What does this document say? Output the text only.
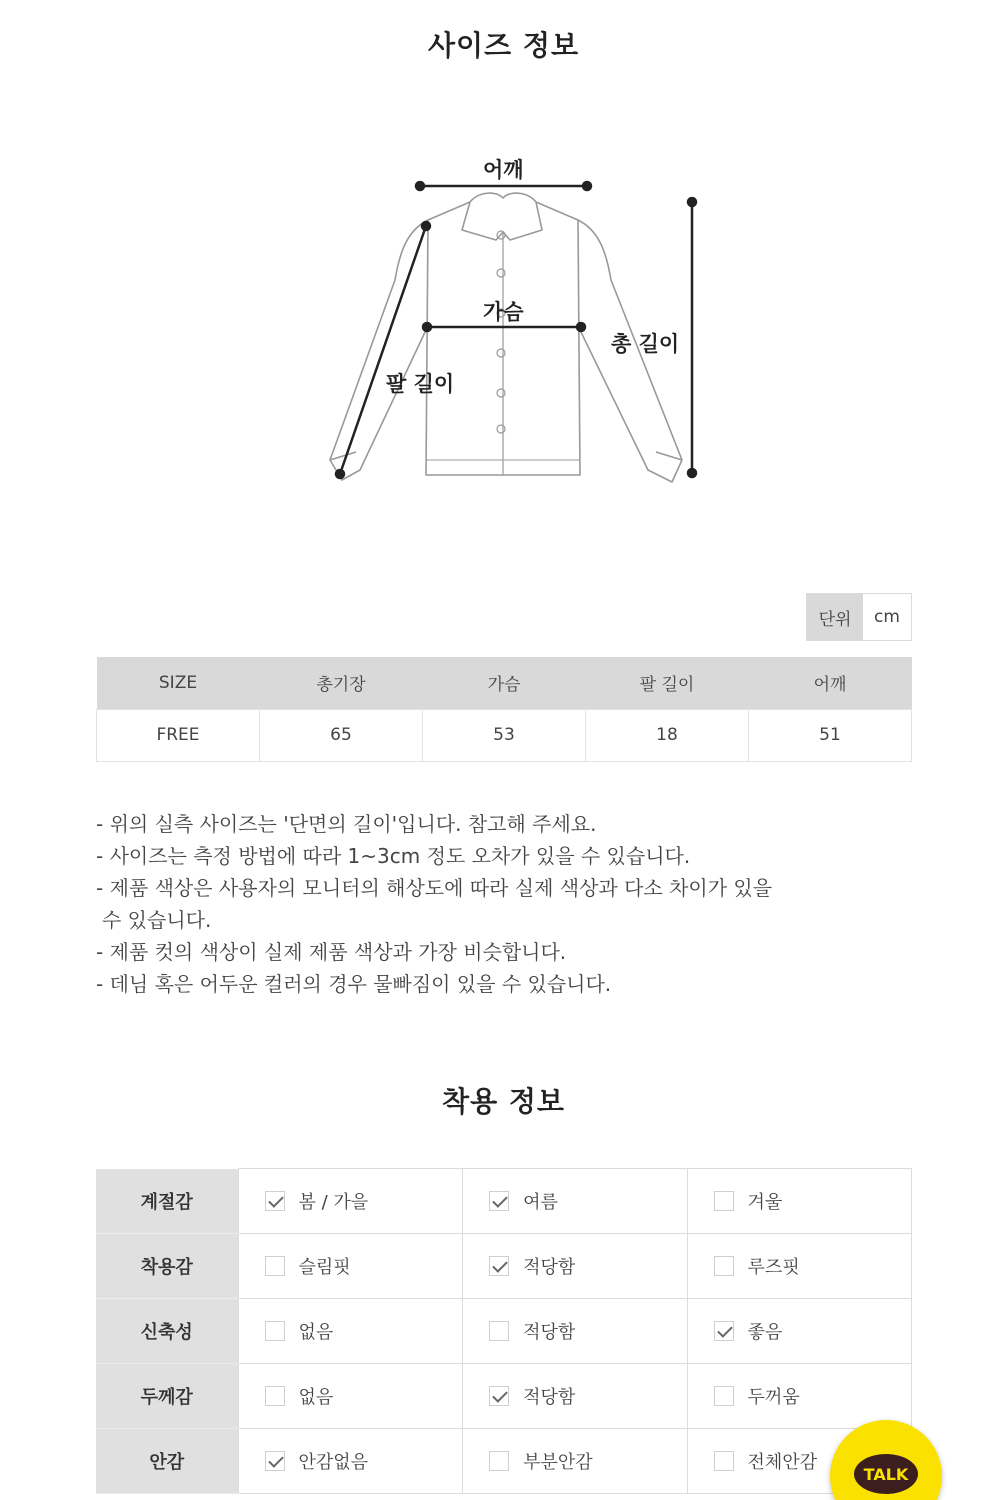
사이즈 정보
어깨
가슴
팔 길이
총 길이
단위	cm
SIZE	총기장	가슴	팔 길이	어깨
FREE	65	53	18	51
- 위의 실측 사이즈는 '단면의 길이'입니다. 참고해 주세요.
- 사이즈는 측정 방법에 따라 1~3cm 정도 오차가 있을 수 있습니다.
- 제품 색상은 사용자의 모니터의 해상도에 따라 실제 색상과 다소 차이가 있을
수 있습니다.
- 제품 컷의 색상이 실제 제품 색상과 가장 비슷합니다.
- 데님 혹은 어두운 컬러의 경우 물빠짐이 있을 수 있습니다.
착용 정보
계절감	봄 / 가을	여름	겨울

착용감	슬림핏	적당함	루즈핏

신축성	없음	적당함	좋음

두께감	없음	적당함	두꺼움

안감	안감없음	부분안감	전체안감
TALK
